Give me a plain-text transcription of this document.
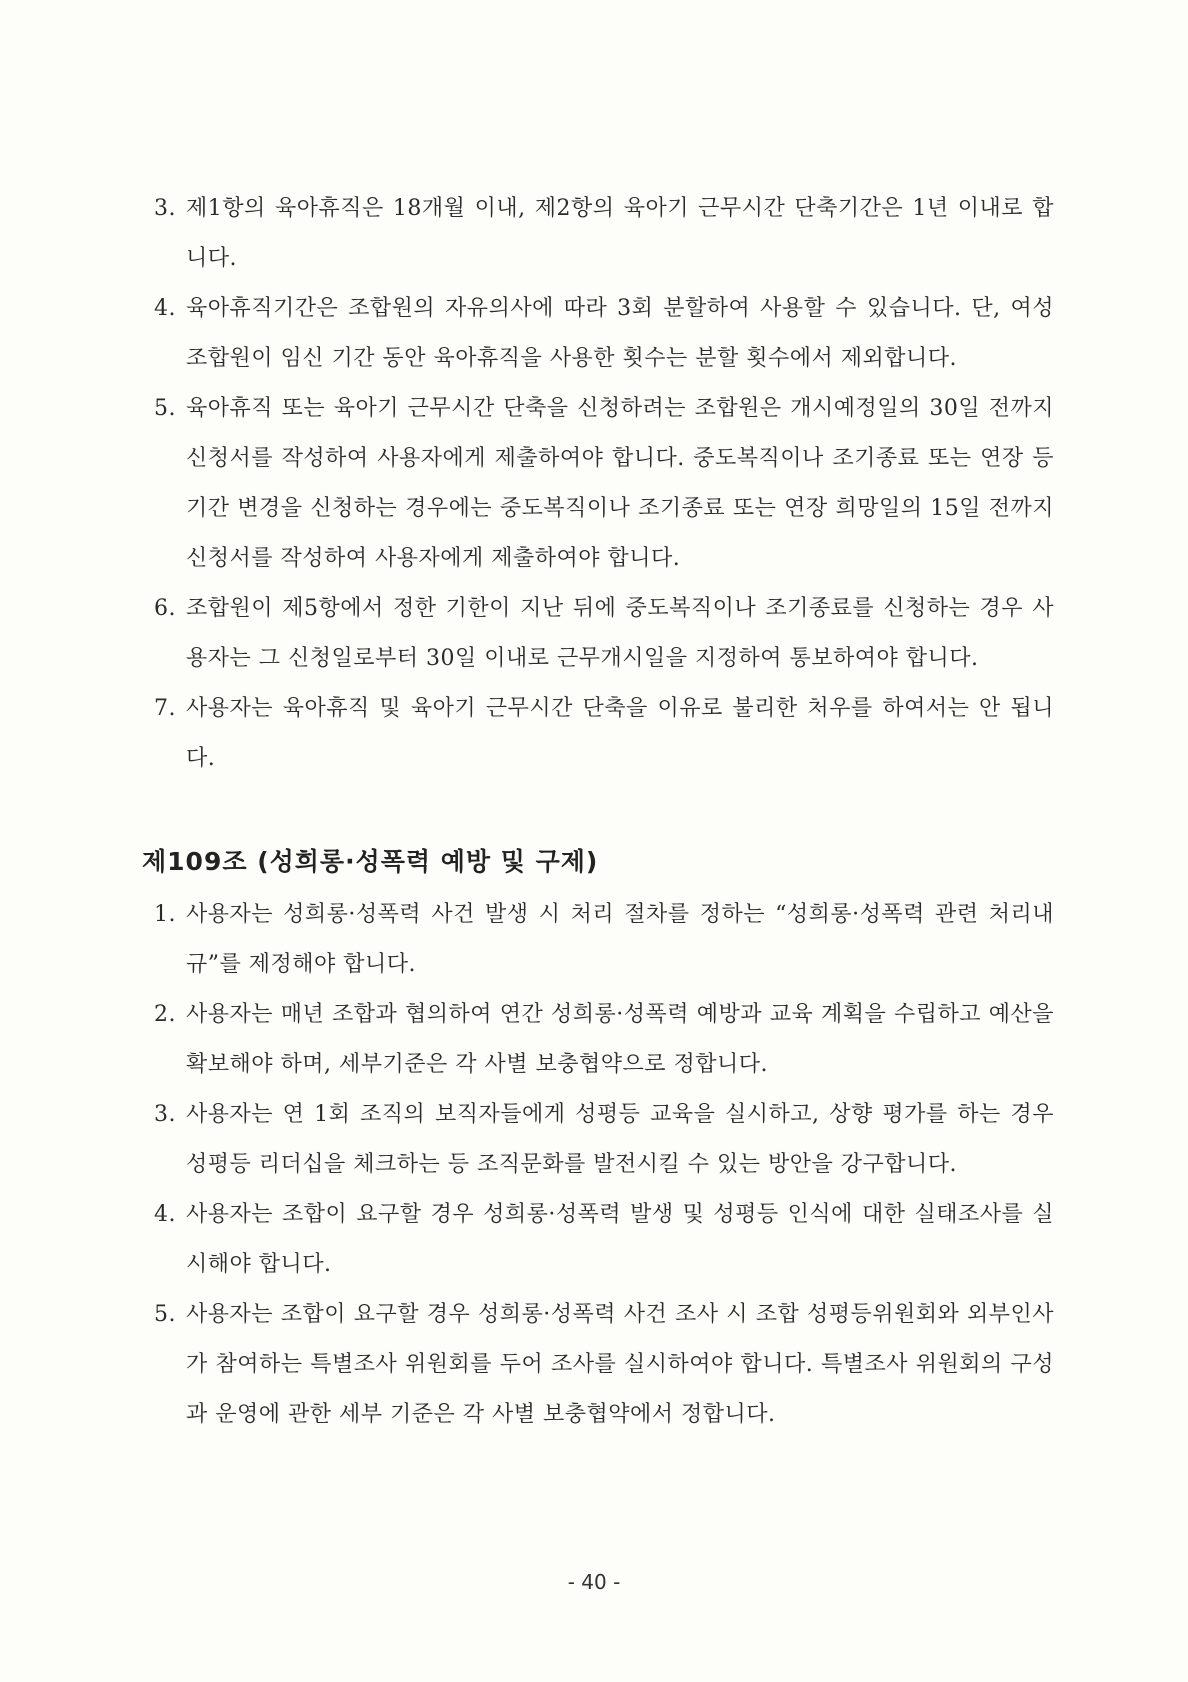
3. 제1항의 육아휴직은 18개월 이내, 제2항의 육아기 근무시간 단축기간은 1년 이내로 합니다.
4. 육아휴직기간은 조합원의 자유의사에 따라 3회 분할하여 사용할 수 있습니다. 단, 여성 조합원이 임신 기간 동안 육아휴직을 사용한 횟수는 분할 횟수에서 제외합니다.
5. 육아휴직 또는 육아기 근무시간 단축을 신청하려는 조합원은 개시예정일의 30일 전까지 신청서를 작성하여 사용자에게 제출하여야 합니다. 중도복직이나 조기종료 또는 연장 등 기간 변경을 신청하는 경우에는 중도복직이나 조기종료 또는 연장 희망일의 15일 전까지 신청서를 작성하여 사용자에게 제출하여야 합니다.
6. 조합원이 제5항에서 정한 기한이 지난 뒤에 중도복직이나 조기종료를 신청하는 경우 사용자는 그 신청일로부터 30일 이내로 근무개시일을 지정하여 통보하여야 합니다.
7. 사용자는 육아휴직 및 육아기 근무시간 단축을 이유로 불리한 처우를 하여서는 안 됩니다.
제109조 (성희롱·성폭력 예방 및 구제)
1. 사용자는 성희롱·성폭력 사건 발생 시 처리 절차를 정하는 “성희롱·성폭력 관련 처리내규”를 제정해야 합니다.
2. 사용자는 매년 조합과 협의하여 연간 성희롱·성폭력 예방과 교육 계획을 수립하고 예산을 확보해야 하며, 세부기준은 각 사별 보충협약으로 정합니다.
3. 사용자는 연 1회 조직의 보직자들에게 성평등 교육을 실시하고, 상향 평가를 하는 경우 성평등 리더십을 체크하는 등 조직문화를 발전시킬 수 있는 방안을 강구합니다.
4. 사용자는 조합이 요구할 경우 성희롱·성폭력 발생 및 성평등 인식에 대한 실태조사를 실시해야 합니다.
5. 사용자는 조합이 요구할 경우 성희롱·성폭력 사건 조사 시 조합 성평등위원회와 외부인사가 참여하는 특별조사 위원회를 두어 조사를 실시하여야 합니다. 특별조사 위원회의 구성과 운영에 관한 세부 기준은 각 사별 보충협약에서 정합니다.
- 40 -
